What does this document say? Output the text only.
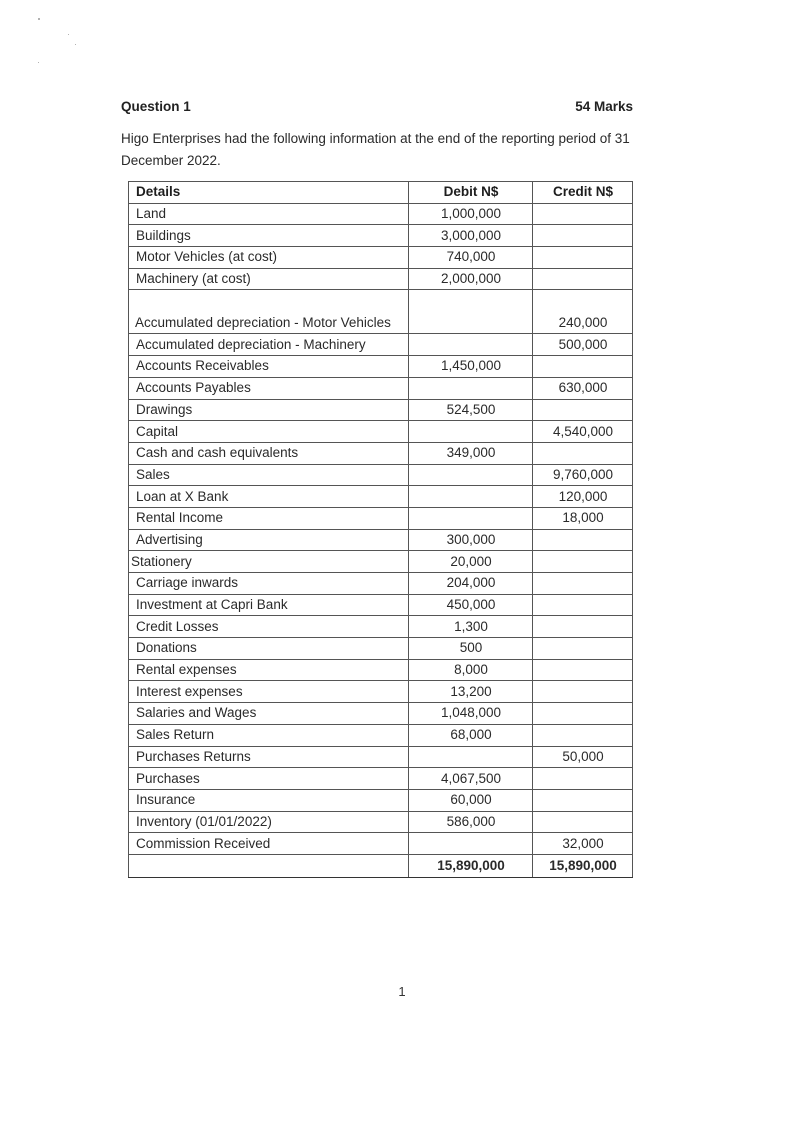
Question 1	54 Marks
Higo Enterprises had the following information at the end of the reporting period of 31 December 2022.
Details	Debit N$	Credit N$
Land	1,000,000	
Buildings	3,000,000	
Motor Vehicles (at cost)	740,000	
Machinery (at cost)	2,000,000	
Accumulated depreciation - Motor Vehicles		240,000
Accumulated depreciation - Machinery		500,000
Accounts Receivables	1,450,000	
Accounts Payables		630,000
Drawings	524,500	
Capital		4,540,000
Cash and cash equivalents	349,000	
Sales		9,760,000
Loan at X Bank		120,000
Rental Income		18,000
Advertising	300,000	
Stationery	20,000	
Carriage inwards	204,000	
Investment at Capri Bank	450,000	
Credit Losses	1,300	
Donations	500	
Rental expenses	8,000	
Interest expenses	13,200	
Salaries and Wages	1,048,000	
Sales Return	68,000	
Purchases Returns		50,000
Purchases	4,067,500	
Insurance	60,000	
Inventory (01/01/2022)	586,000	
Commission Received		32,000
	15,890,000	15,890,000
1
